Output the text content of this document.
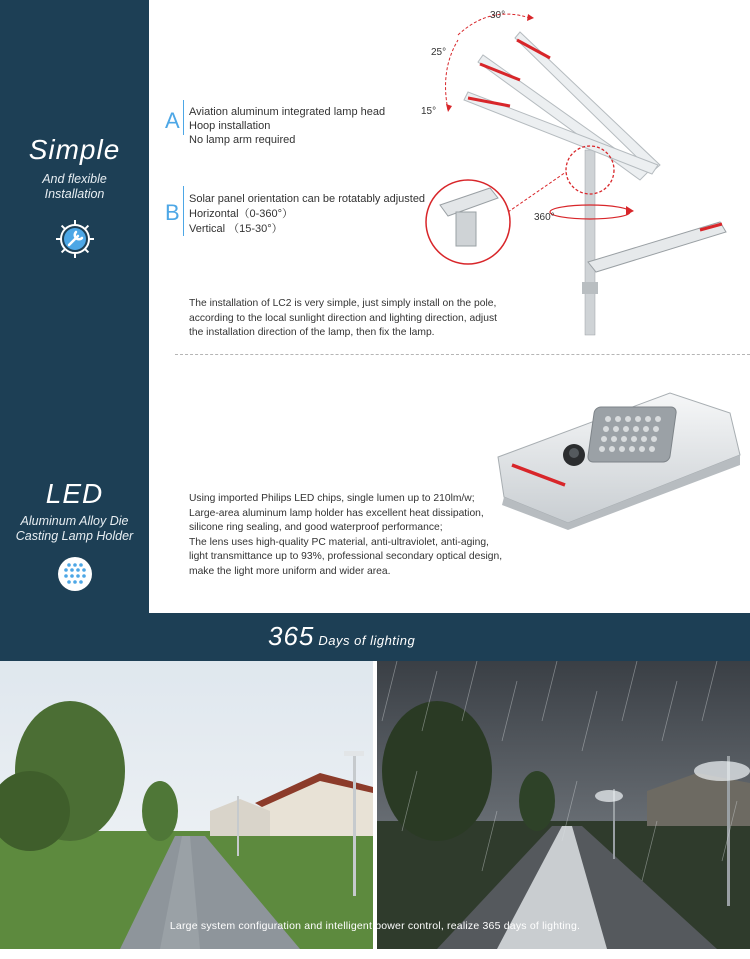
Simple
And flexible
Installation
LED
Aluminum Alloy Die
Casting Lamp Holder
A Aviation aluminum integrated lamp head
Hoop installation
No lamp arm required
B
Solar panel orientation can be rotatably adjusted
Horizontal（0-360°）
Vertical （15-30°）
30°
25°
15°
360°
The installation of LC2 is very simple, just simply install on the pole,
according to the local sunlight direction and lighting direction, adjust
the installation direction of the lamp, then fix the lamp.
Using imported Philips LED chips, single lumen up to 210lm/w;
Large-area aluminum lamp holder has excellent heat dissipation,
silicone ring sealing, and good waterproof performance;
The lens uses high-quality PC material, anti-ultraviolet, anti-aging,
light transmittance up to 93%, professional secondary optical design,
make the light more uniform and wider area.
365 Days of lighting
Large system configuration and intelligent power control, realize 365 days of lighting.
